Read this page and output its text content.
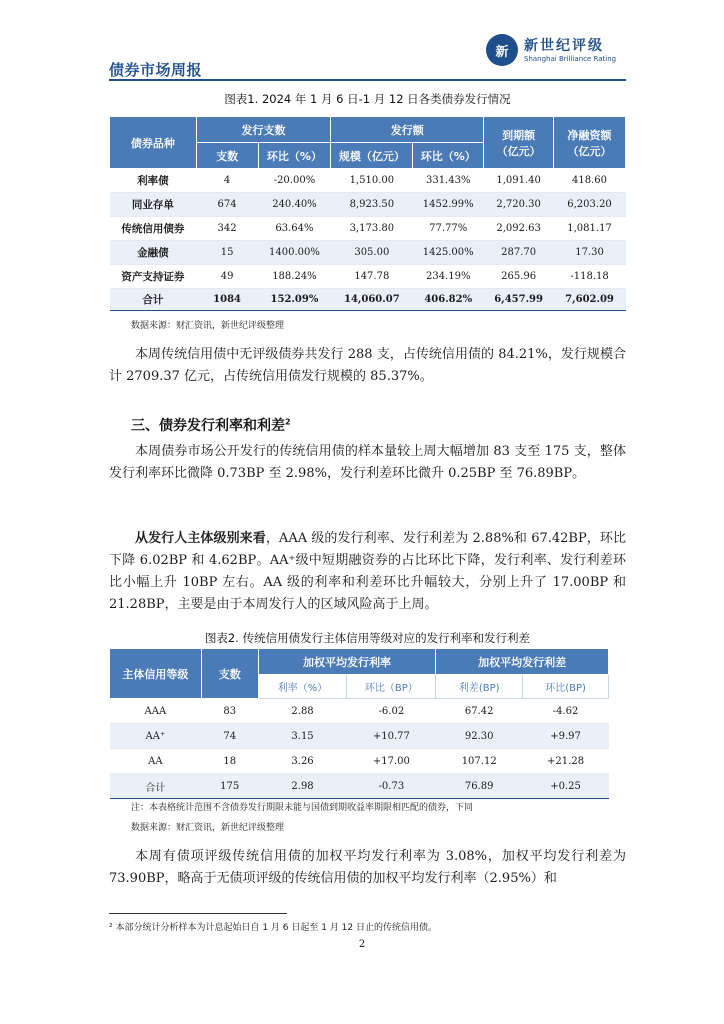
债券市场周报
新	新世纪评级
Shanghai Brilliance Rating
图表1. 2024 年 1 月 6 日-1 月 12 日各类债券发行情况
债券品种	发行支数		发行额		到期额（亿元）	净融资额（亿元）
	支数	环比（%）	规模（亿元）	环比（%）		
利率债	4	-20.00%	1,510.00	331.43%	1,091.40	418.60
同业存单	674	240.40%	8,923.50	1452.99%	2,720.30	6,203.20
传统信用债券	342	63.64%	3,173.80	77.77%	2,092.63	1,081.17
金融债	15	1400.00%	305.00	1425.00%	287.70	17.30
资产支持证券	49	188.24%	147.78	234.19%	265.96	-118.18
合计	1084	152.09%	14,060.07	406.82%	6,457.99	7,602.09
数据来源：财汇资讯，新世纪评级整理

本周传统信用债中无评级债券共发行 288 支，占传统信用债的 84.21%，发行规模合计 2709.37 亿元，占传统信用债发行规模的 85.37%。

三、债券发行利率和利差$^2$

本周债券市场公开发行的传统信用债的样本量较上周大幅增加 83 支至 175 支，整体发行利率环比微降 0.73BP 至 2.98%，发行利差环比微升 0.25BP 至 76.89BP。

从发行人主体级别来看，AAA 级的发行利率、发行利差为 2.88%和 67.42BP，环比下降 6.02BP 和 4.62BP。AA⁺级中短期融资券的占比环比下降，发行利率、发行利差环比小幅上升 10BP 左右。AA 级的利率和利差环比升幅较大，分别上升了 17.00BP 和 21.28BP，主要是由于本周发行人的区域风险高于上周。

图表2. 传统信用债发行主体信用等级对应的发行利率和发行利差
主体信用等级	支数	加权平均发行利率		加权平均发行利差	
		利率（%）	环比（BP）	利差(BP)	环比(BP)
AAA	83	2.88	-6.02	67.42	-4.62
AA⁺	74	3.15	+10.77	92.30	+9.97
AA	18	3.26	+17.00	107.12	+21.28
合计	175	2.98	-0.73	76.89	+0.25
注：本表格统计范围不含债券发行期限未能与国债到期收益率期限相匹配的债券，下同
数据来源：财汇资讯，新世纪评级整理

本周有债项评级传统信用债的加权平均发行利率为 3.08%，加权平均发行利差为 73.90BP，略高于无债项评级的传统信用债的加权平均发行利率（2.95%）和

² 本部分统计分析样本为计息起始日自 1 月 6 日起至 1 月 12 日止的传统信用债。
2
